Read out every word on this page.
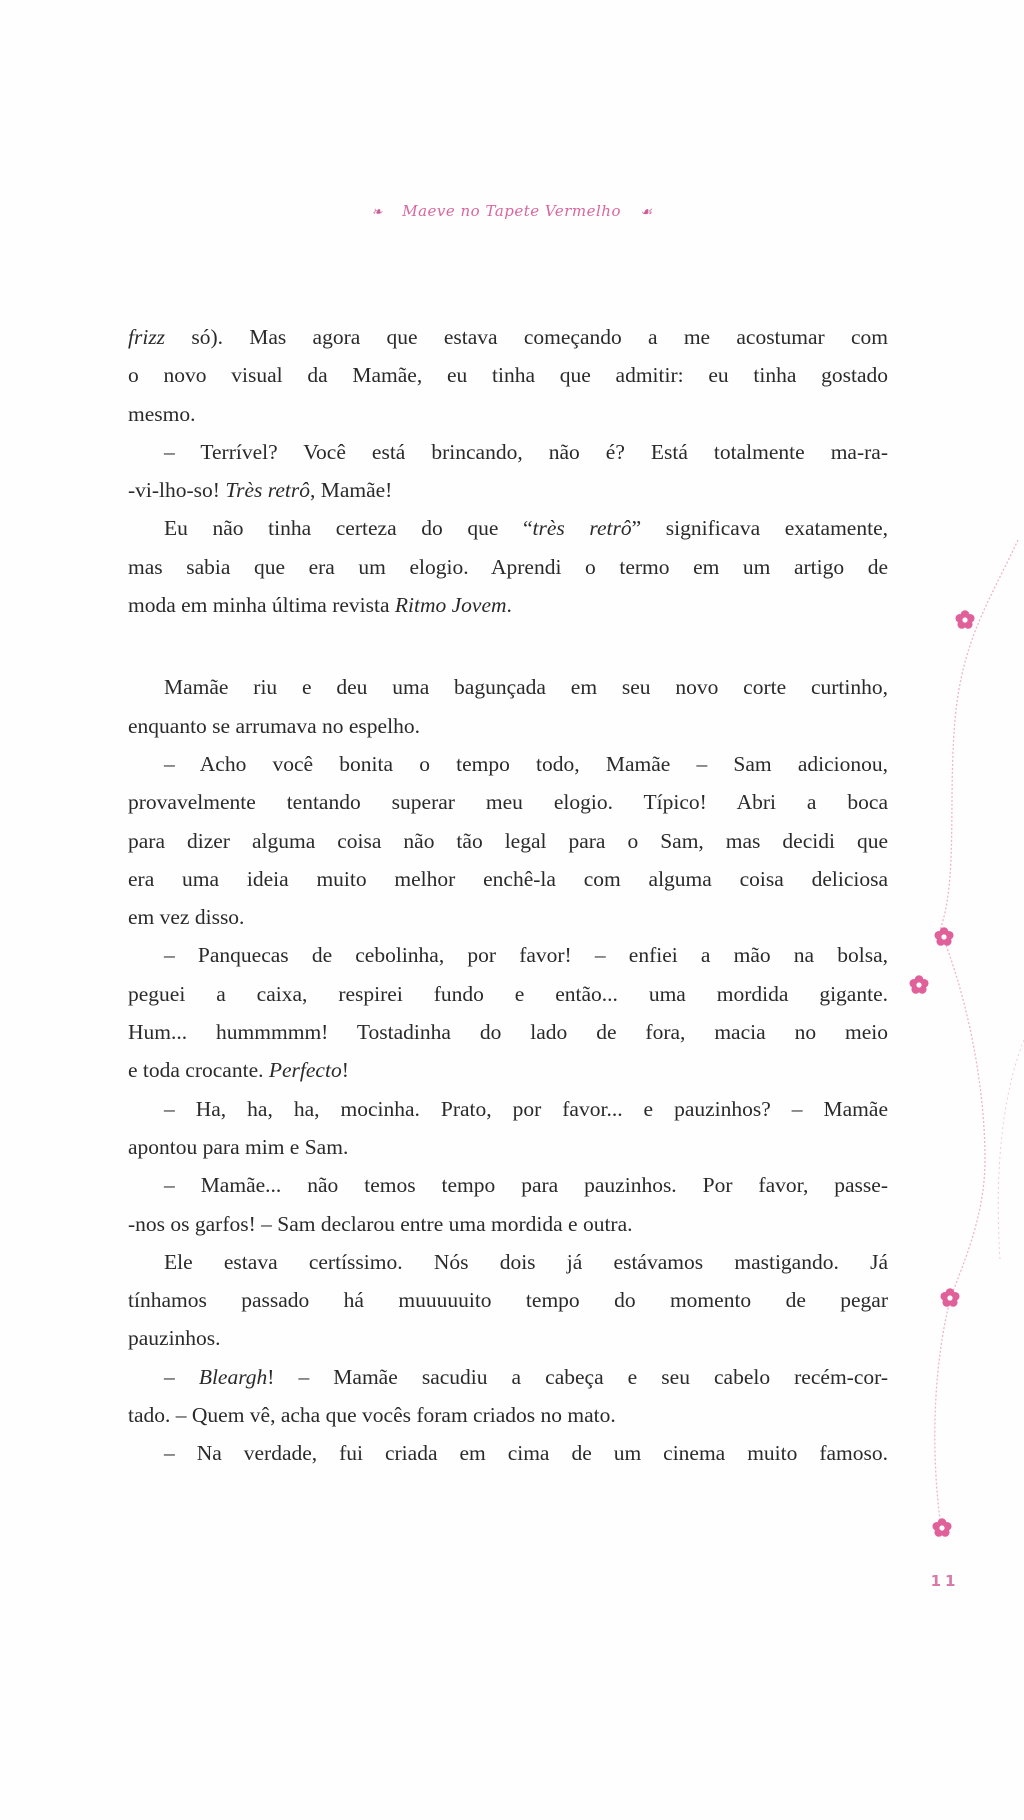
❧ Maeve no Tapete Vermelho ☙
frizz só). Mas agora que estava começando a me acostumar com
o novo visual da Mamãe, eu tinha que admitir: eu tinha gostado
mesmo.
– Terrível? Você está brincando, não é? Está totalmente ma-ra-
-vi-lho-so! Très retrô, Mamãe!
Eu não tinha certeza do que “très retrô” significava exatamente,
mas sabia que era um elogio. Aprendi o termo em um artigo de
moda em minha última revista Ritmo Jovem.
Mamãe riu e deu uma bagunçada em seu novo corte curtinho,
enquanto se arrumava no espelho.
– Acho você bonita o tempo todo, Mamãe – Sam adicionou,
provavelmente tentando superar meu elogio. Típico! Abri a boca
para dizer alguma coisa não tão legal para o Sam, mas decidi que
era uma ideia muito melhor enchê-la com alguma coisa deliciosa
em vez disso.
– Panquecas de cebolinha, por favor! – enfiei a mão na bolsa,
peguei a caixa, respirei fundo e então... uma mordida gigante.
Hum... hummmmm! Tostadinha do lado de fora, macia no meio
e toda crocante. Perfecto!
– Ha, ha, ha, mocinha. Prato, por favor... e pauzinhos? – Mamãe
apontou para mim e Sam.
– Mamãe... não temos tempo para pauzinhos. Por favor, passe-
-nos os garfos! – Sam declarou entre uma mordida e outra.
Ele estava certíssimo. Nós dois já estávamos mastigando. Já
tínhamos passado há muuuuuito tempo do momento de pegar
pauzinhos.
– Bleargh! – Mamãe sacudiu a cabeça e seu cabelo recém-cor-
tado. – Quem vê, acha que vocês foram criados no mato.
– Na verdade, fui criada em cima de um cinema muito famoso.
11
